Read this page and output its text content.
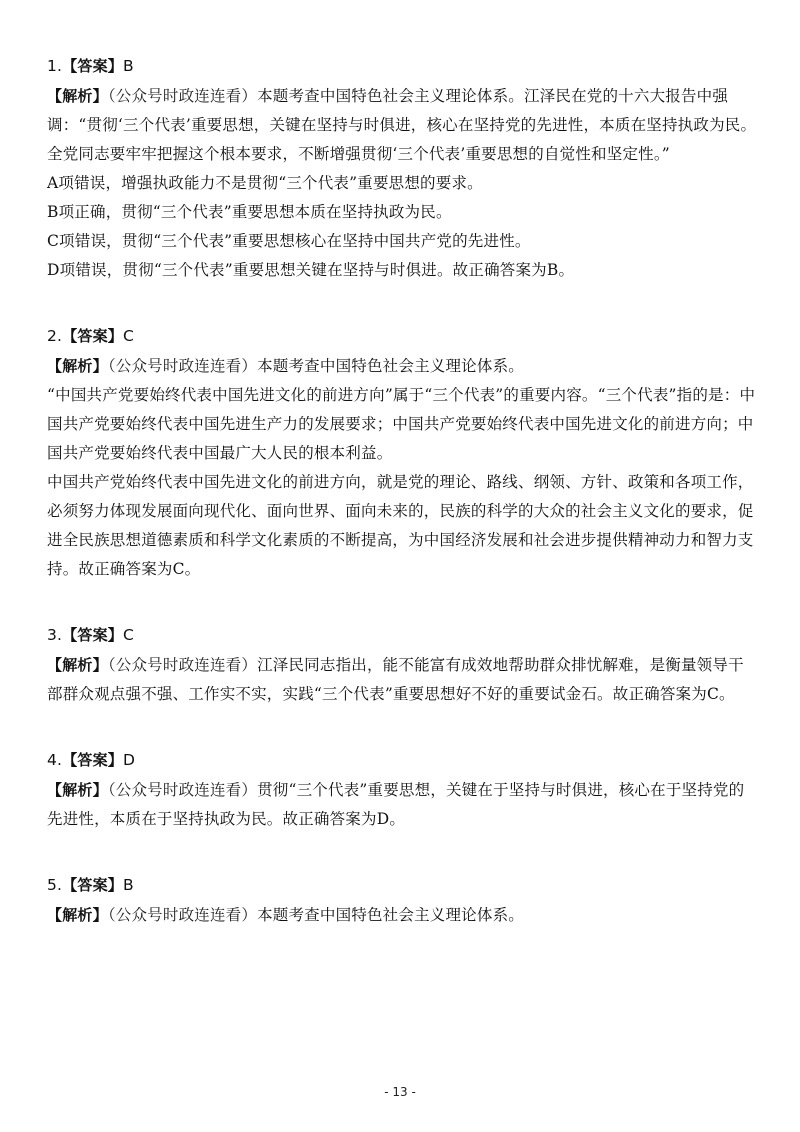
1.【答案】B

【解析】（公众号时政连连看）本题考查中国特色社会主义理论体系。江泽民在党的十六大报告中强调：“贯彻‘三个代表’重要思想，关键在坚持与时俱进，核心在坚持党的先进性，本质在坚持执政为民。全党同志要牢牢把握这个根本要求，不断增强贯彻‘三个代表’重要思想的自觉性和坚定性。”

A项错误，增强执政能力不是贯彻“三个代表”重要思想的要求。

B项正确，贯彻“三个代表”重要思想本质在坚持执政为民。

C项错误，贯彻“三个代表”重要思想核心在坚持中国共产党的先进性。

D项错误，贯彻“三个代表”重要思想关键在坚持与时俱进。故正确答案为B。

2.【答案】C

【解析】（公众号时政连连看）本题考查中国特色社会主义理论体系。

“中国共产党要始终代表中国先进文化的前进方向”属于“三个代表”的重要内容。“三个代表”指的是：中国共产党要始终代表中国先进生产力的发展要求；中国共产党要始终代表中国先进文化的前进方向；中国共产党要始终代表中国最广大人民的根本利益。

中国共产党始终代表中国先进文化的前进方向，就是党的理论、路线、纲领、方针、政策和各项工作，必须努力体现发展面向现代化、面向世界、面向未来的，民族的科学的大众的社会主义文化的要求，促进全民族思想道德素质和科学文化素质的不断提高，为中国经济发展和社会进步提供精神动力和智力支持。故正确答案为C。

3.【答案】C

【解析】（公众号时政连连看）江泽民同志指出，能不能富有成效地帮助群众排忧解难，是衡量领导干部群众观点强不强、工作实不实，实践“三个代表”重要思想好不好的重要试金石。故正确答案为C。

4.【答案】D

【解析】（公众号时政连连看）贯彻“三个代表”重要思想，关键在于坚持与时俱进，核心在于坚持党的先进性，本质在于坚持执政为民。故正确答案为D。

5.【答案】B

【解析】（公众号时政连连看）本题考查中国特色社会主义理论体系。

- 13 -
